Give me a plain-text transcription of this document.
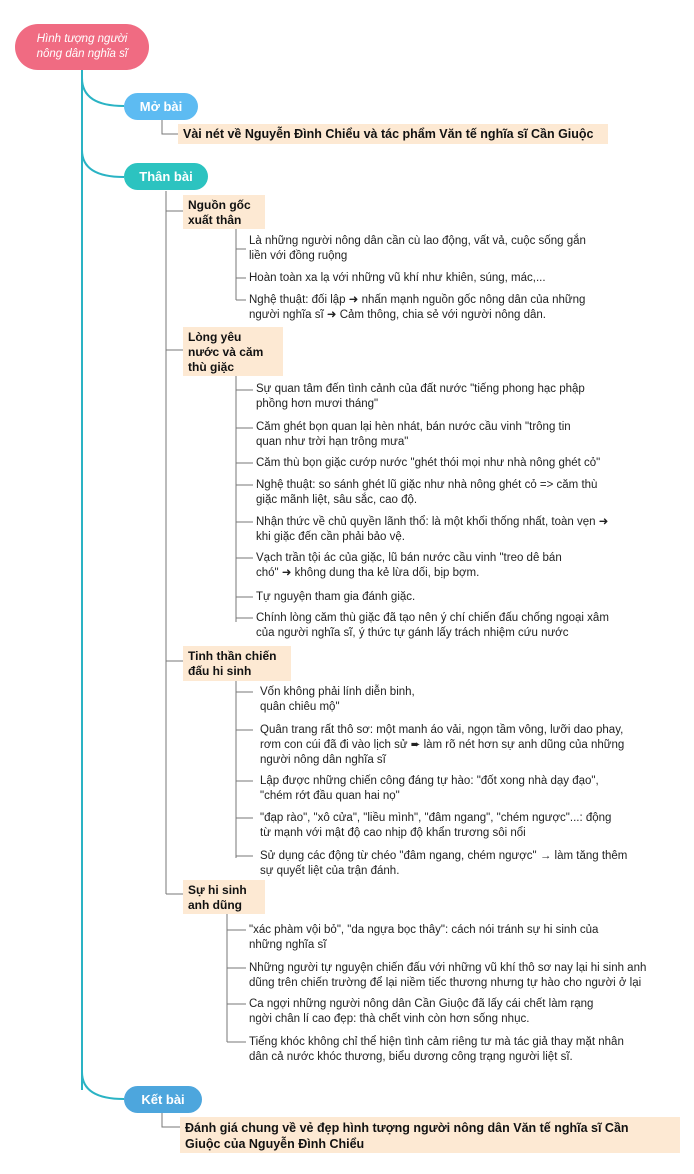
Hình tượng người
nông dân nghĩa sĩ
Mở bài
Vài nét về Nguyễn Đình Chiểu và tác phẩm Văn tế nghĩa sĩ Cần Giuộc
Thân bài
Nguồn gốc
xuất thân
Là những người nông dân cần cù lao động, vất vả, cuộc sống gắn
liền với đồng ruộng
Hoàn toàn xa lạ với những vũ khí như khiên, súng, mác,...
Nghệ thuật: đối lập ➜ nhấn mạnh nguồn gốc nông dân của những
người nghĩa sĩ ➜ Cảm thông, chia sẻ với người nông dân.
Lòng yêu
nước và căm
thù giặc
Sự quan tâm đến tình cảnh của đất nước "tiếng phong hạc phập
phồng hơn mươi tháng"
Căm ghét bọn quan lại hèn nhát, bán nước cầu vinh "trông tin
quan như trời hạn trông mưa"
Căm thù bọn giặc cướp nước "ghét thói mọi như nhà nông ghét cỏ"
Nghệ thuật: so sánh ghét lũ giặc như nhà nông ghét cỏ => căm thù
giặc mãnh liệt, sâu sắc, cao độ.
Nhận thức về chủ quyền lãnh thổ: là một khối thống nhất, toàn vẹn ➜
khi giặc đến cần phải bảo vệ.
Vạch trần tội ác của giặc, lũ bán nước cầu vinh "treo dê bán
chó" ➜ không dung tha kẻ lừa dối, bịp bợm.
Tự nguyện tham gia đánh giặc.
Chính lòng căm thù giặc đã tạo nên ý chí chiến đấu chống ngoại xâm
của người nghĩa sĩ, ý thức tự gánh lấy trách nhiệm cứu nước
Tinh thần chiến
đấu hi sinh
Vốn không phải lính diễn binh,
quân chiêu mộ"
Quân trang rất thô sơ: một manh áo vải, ngọn tầm vông, lưỡi dao phay,
rơm con cúi đã đi vào lịch sử ➨ làm rõ nét hơn sự anh dũng của những
người nông dân nghĩa sĩ
Lập được những chiến công đáng tự hào: "đốt xong nhà dạy đạo",
"chém rớt đầu quan hai nọ"
"đạp rào", "xô cửa", "liều mình", "đâm ngang", "chém ngược"...: động
từ mạnh với mật độ cao nhịp độ khẩn trương sôi nổi
Sử dụng các động từ chéo "đâm ngang, chém ngược" → làm tăng thêm
sự quyết liệt của trận đánh.
Sự hi sinh
anh dũng
"xác phàm vội bỏ", "da ngựa bọc thây": cách nói tránh sự hi sinh của
những nghĩa sĩ
Những người tự nguyện chiến đấu với những vũ khí thô sơ nay lại hi sinh anh
dũng trên chiến trường để lại niềm tiếc thương nhưng tự hào cho người ở lại
Ca ngợi những người nông dân Cần Giuộc đã lấy cái chết làm rạng
ngời chân lí cao đẹp: thà chết vinh còn hơn sống nhục.
Tiếng khóc không chỉ thể hiện tình cảm riêng tư mà tác giả thay mặt nhân
dân cả nước khóc thương, biểu dương công trạng người liệt sĩ.
Kết bài
Đánh giá chung về vẻ đẹp hình tượng người nông dân Văn tế nghĩa sĩ Cần
Giuộc của Nguyễn Đình Chiểu
